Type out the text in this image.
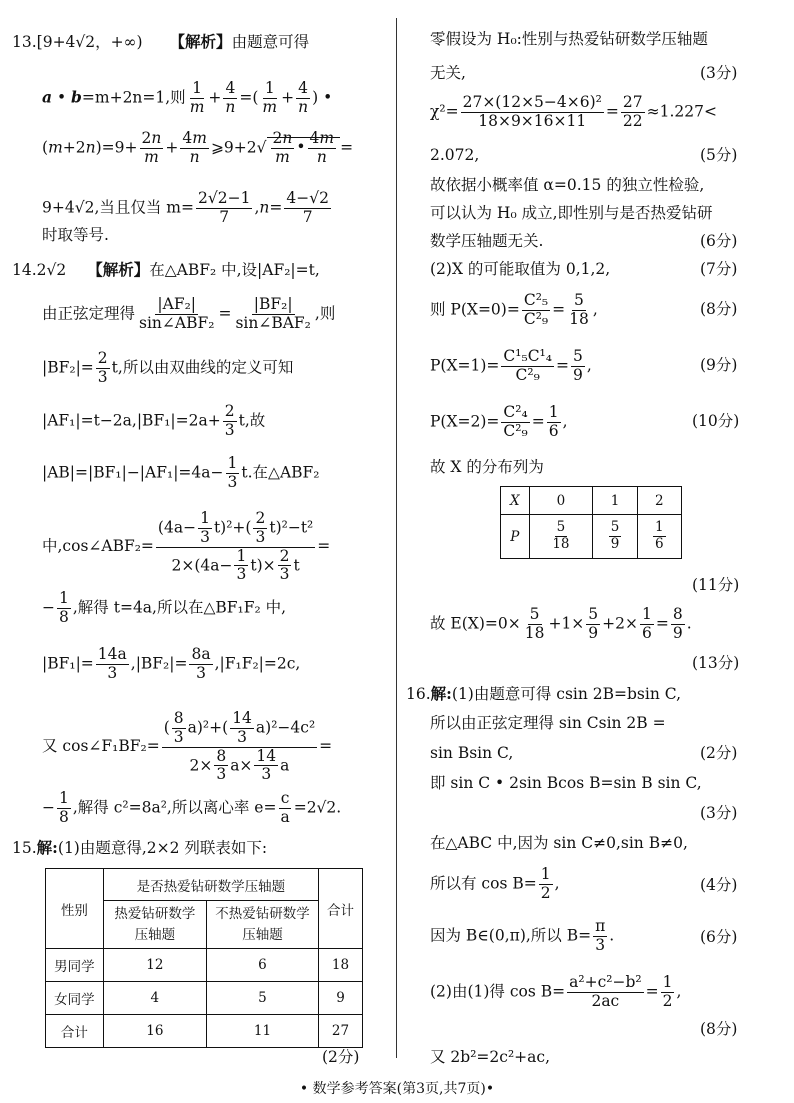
13.[9+4√2，+∞) 【解析】由题意可得
a • b=m+2n=1,则 $\frac{1}{m} + \frac{4}{n}$ =( $\frac{1}{m} + \frac{4}{n}$ ) •
$(m+2n)=9+ \frac{2n}{m} + \frac{4m}{n}$ ⩾9+2√ $\frac{2n}{m}$ • $\frac{4m}{n}$ =
9+4√2,当且仅当 $m= \frac{2√2-1}{7} ,n= \frac{4-√2}{7}$
时取等号.
14.2√2 【解析】在△ABF₂ 中,设|AF₂|=t,
由正弦定理得 $\frac{\text{|AF₂|}}{\text{sin∠ABF₂}} = \frac{\text{|BF₂|}}{\text{sin∠BAF₂}}$ ,则
$|BF_2|= \frac{2}{3} t$,所以由双曲线的定义可知
$|AF_1|=t-2a,|BF_1|=2a+ \frac{2}{3} t$,故
$|AB|=|BF_1|-|AF_1|=4a- \frac{1}{3} t$.在△ABF₂
中,cos∠ABF₂= $\frac{(4a- \frac{1}{3} t)^2+( \frac{2}{3} t)^2-t^2}{2\times(4a- \frac{1}{3} t)\times \frac{2}{3} t}$ =
− $\frac{1}{8}$ ,解得 t=4a,所以在△BF₁F₂ 中,
$|BF_1|= \frac{14a}{3} ,|BF_2|= \frac{8a}{3} ,|F_1F_2|=2c$,
又 cos∠F₁BF₂= $\frac{( \frac{8}{3} a)^2+( \frac{14}{3} a)^2-4c^2}{2\times \frac{8}{3} a\times \frac{14}{3} a}$ =
− $\frac{1}{8}$ ,解得 c²=8a²,所以离心率 $e= \frac{c}{a} =2√2$.
15.解:(1)由题意得,2×2 列联表如下:
性别	是否热爱钻研数学压轴题		合计
	热爱钻研数学压轴题	不热爱钻研数学压轴题	
男同学	12	6	18
女同学	4	5	9
合计	16	11	27
(2分)
零假设为 H₀:性别与热爱钻研数学压轴题
无关,	(3分)
$\chi^2= \frac{\text{27×(12×5−4×6)²}}{18\times 9\times 16\times 11} = \frac{27}{22} \approx 1.227<$
2.072,	(5分)
故依据小概率值 α=0.15 的独立性检验,
可以认为 H₀ 成立,即性别与是否热爱钻研
数学压轴题无关.	(6分)
(2)X 的可能取值为 0,1,2,	(7分)
则 $P(X=0)= \frac{\text{C²₅}}{\text{C²₉}} = \frac{5}{18}$ ,	(8分)
$P(X=1)= \frac{\text{C¹₅C¹₄}}{\text{C²₉}} = \frac{5}{9}$ ,	(9分)
$P(X=2)= \frac{\text{C²₄}}{\text{C²₉}} = \frac{1}{6}$ ,	(10分)
故 X 的分布列为
X	0	1	2
P	$\frac{5}{18}$	$\frac{5}{9}$	$\frac{1}{6}$
(11分)
故 $E(X)=0\times \frac{5}{18} +1\times \frac{5}{9} +2\times \frac{1}{6} = \frac{8}{9}$ .
(13分)
16.解:(1)由题意可得 csin 2B=bsin C,
所以由正弦定理得 sin Csin 2B =
sin Bsin C,	(2分)
即 sin C • 2sin Bcos B=sin B sin C,
(3分)
在△ABC 中,因为 sin C≠0,sin B≠0,
所以有 $\cos B= \frac{1}{2}$ ,	(4分)
因为 B∈(0,π),所以 $B= \frac{\pi}{3}$ .	(6分)
(2)由(1)得 $\cos B= \frac{\text{a²+c²−b²}}{2ac} = \frac{1}{2}$ ,
(8分)
又 2b²=2c²+ac,
• 数学参考答案(第3页,共7页)•
